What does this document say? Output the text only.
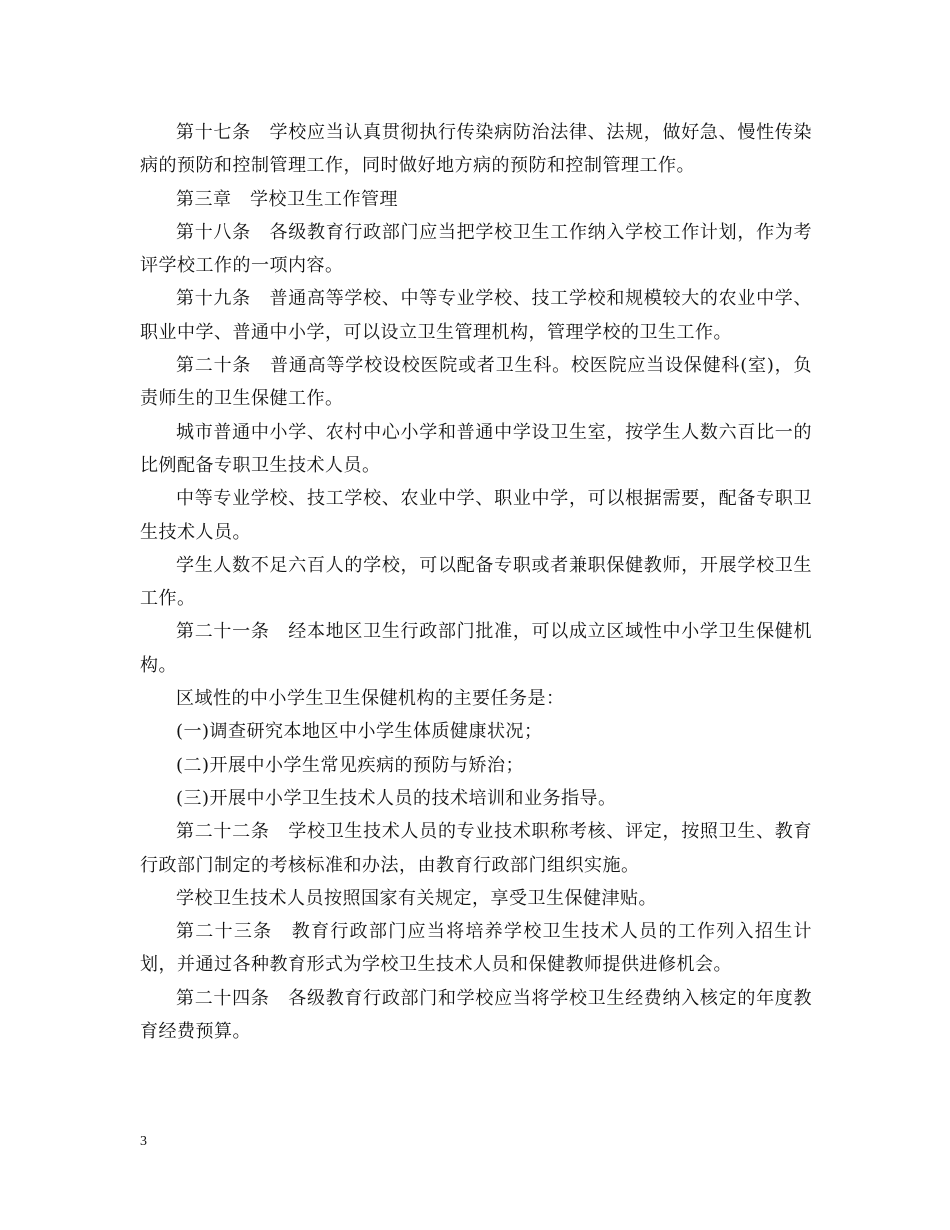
第十七条　学校应当认真贯彻执行传染病防治法律、法规，做好急、慢性传染病的预防和控制管理工作，同时做好地方病的预防和控制管理工作。

第三章　学校卫生工作管理

第十八条　各级教育行政部门应当把学校卫生工作纳入学校工作计划，作为考评学校工作的一项内容。

第十九条　普通高等学校、中等专业学校、技工学校和规模较大的农业中学、职业中学、普通中小学，可以设立卫生管理机构，管理学校的卫生工作。

第二十条　普通高等学校设校医院或者卫生科。校医院应当设保健科(室)，负责师生的卫生保健工作。

城市普通中小学、农村中心小学和普通中学设卫生室，按学生人数六百比一的比例配备专职卫生技术人员。

中等专业学校、技工学校、农业中学、职业中学，可以根据需要，配备专职卫生技术人员。

学生人数不足六百人的学校，可以配备专职或者兼职保健教师，开展学校卫生工作。

第二十一条　经本地区卫生行政部门批准，可以成立区域性中小学卫生保健机构。

区域性的中小学生卫生保健机构的主要任务是：

(一)调查研究本地区中小学生体质健康状况；

(二)开展中小学生常见疾病的预防与矫治；

(三)开展中小学卫生技术人员的技术培训和业务指导。

第二十二条　学校卫生技术人员的专业技术职称考核、评定，按照卫生、教育行政部门制定的考核标准和办法，由教育行政部门组织实施。

学校卫生技术人员按照国家有关规定，享受卫生保健津贴。

第二十三条　教育行政部门应当将培养学校卫生技术人员的工作列入招生计划，并通过各种教育形式为学校卫生技术人员和保健教师提供进修机会。

第二十四条　各级教育行政部门和学校应当将学校卫生经费纳入核定的年度教育经费预算。

3
